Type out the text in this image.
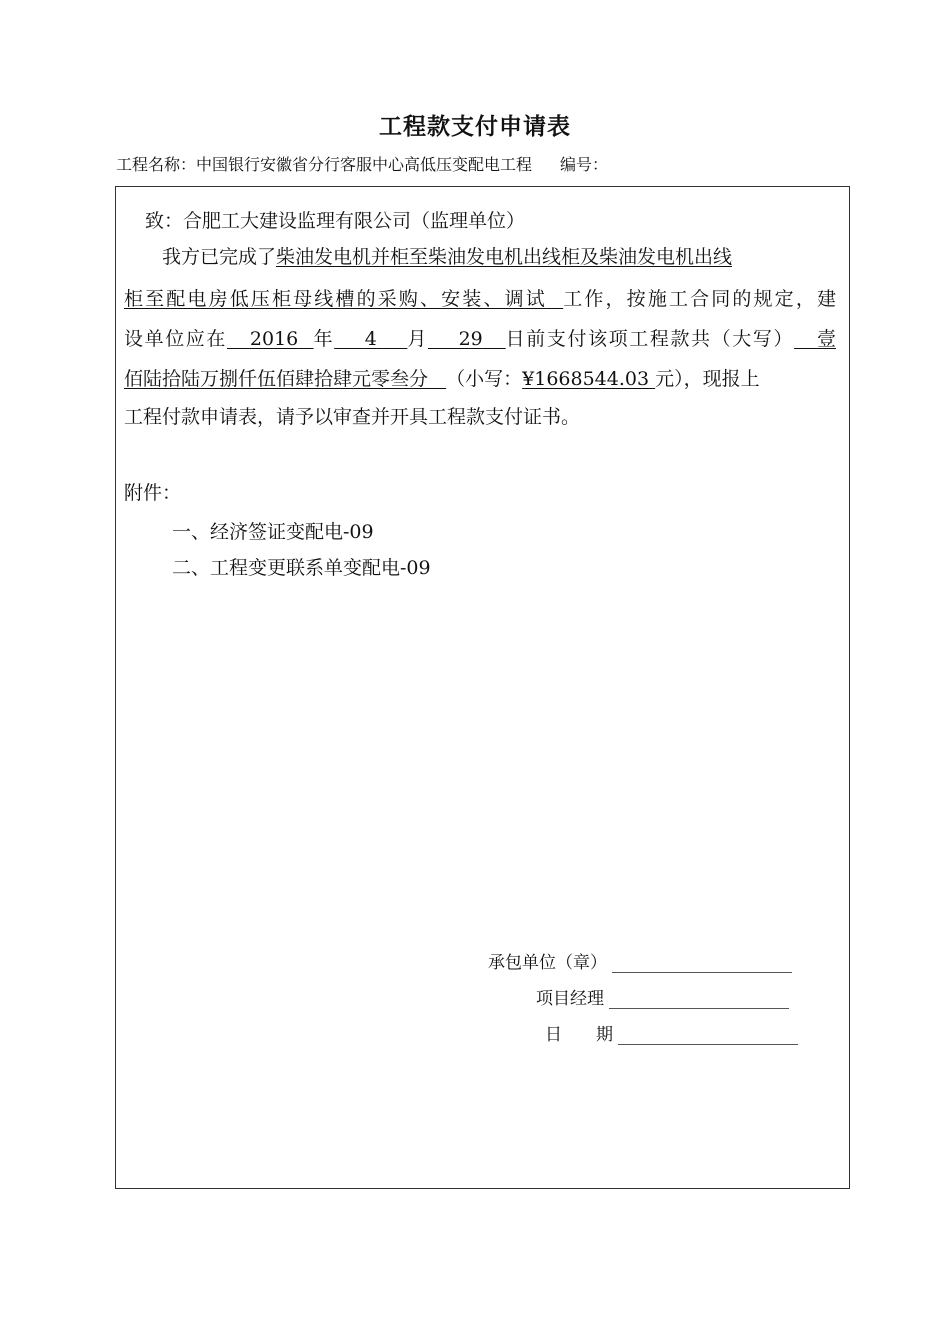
工程款支付申请表
工程名称：中国银行安徽省分行客服中心高低压变配电工程 编号：
致：合肥工大建设监理有限公司（监理单位）
我方已完成了柴油发电机并柜至柴油发电机出线柜及柴油发电机出线
柜至配电房低压柜母线槽的采购、安装、调试 工作，按施工合同的规定，建
设单位应在 2016 年 4 月 29 日前支付该项工程款共（大写） 壹
佰陆拾陆万捌仟伍佰肆拾肆元零叁分 （小写：¥1668544.03 元），现报上
工程付款申请表，请予以审查并开具工程款支付证书。
附件：
一、经济签证变配电-09
二、工程变更联系单变配电-09
承包单位（章）
项目经理
日　　期
